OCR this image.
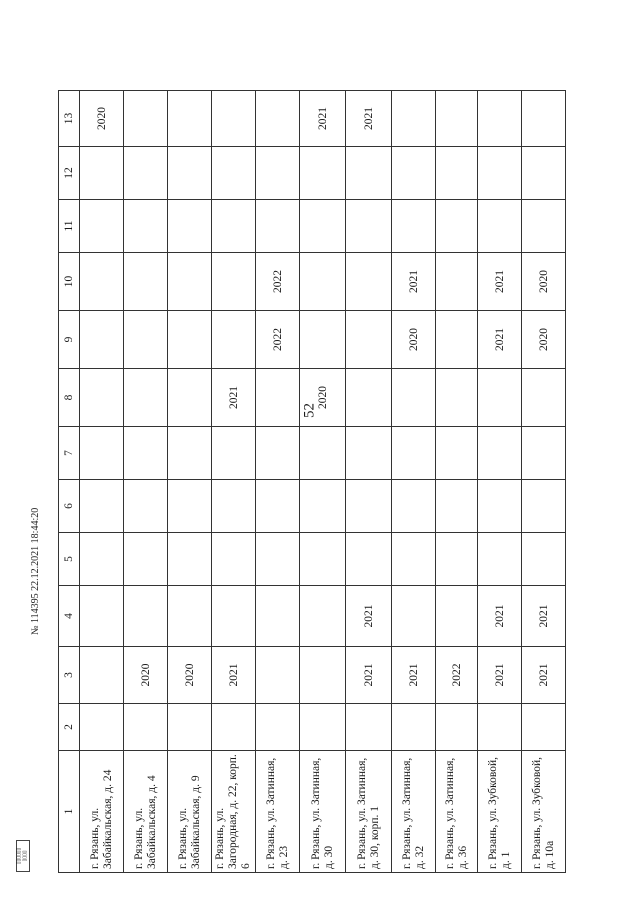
52
▯▯▯▯▯▯
▯▯▯▯
№ 114395 22.12.2021 18:44:20
1	2	3	4	5	6	7	8	9	10	11	12	13
г. Рязань, ул. Забайкальская, д. 24												2020
г. Рязань, ул. Забайкальская, д. 4		2020										
г. Рязань, ул. Забайкальская, д. 9		2020										
г. Рязань, ул. Загородная, д. 22, корп. 6		2021					2021					
г. Рязань, ул. Затинная, д. 23								2022	2022			
г. Рязань, ул. Затинная, д. 30							2020					2021
г. Рязань, ул. Затинная, д. 30, корп. 1		2021	2021									2021
г. Рязань, ул. Затинная, д. 32		2021						2020	2021			
г. Рязань, ул. Затинная, д. 36		2022										
г. Рязань, ул. Зубковой, д. 1		2021	2021					2021	2021			
г. Рязань, ул. Зубковой, д. 10а		2021	2021					2020	2020			
